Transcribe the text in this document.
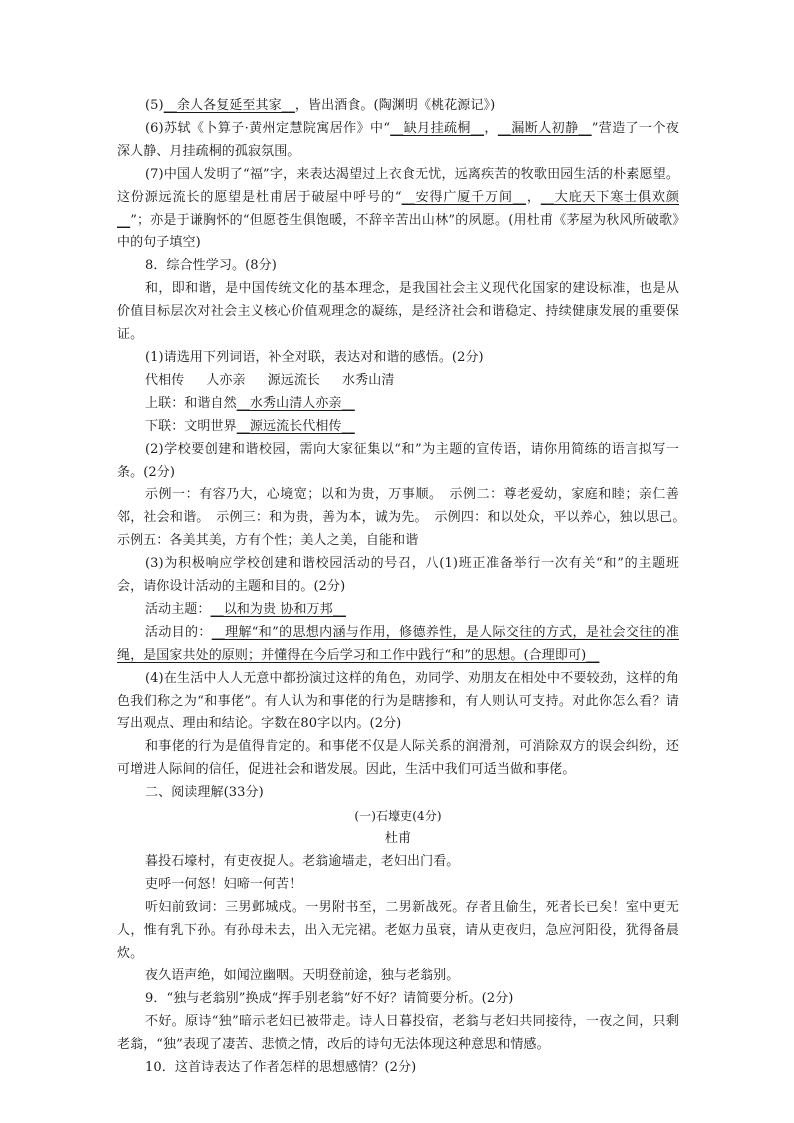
(5)__余人各复延至其家__，皆出酒食。(陶渊明《桃花源记》)

(6)苏轼《卜算子·黄州定慧院寓居作》中“__缺月挂疏桐__，__漏断人初静__”营造了一个夜深人静、月挂疏桐的孤寂氛围。

(7)中国人发明了“福”字，来表达渴望过上衣食无忧，远离疾苦的牧歌田园生活的朴素愿望。这份源远流长的愿望是杜甫居于破屋中呼号的“__安得广厦千万间__，__大庇天下寒士俱欢颜__”；亦是于谦胸怀的“但愿苍生俱饱暖，不辞辛苦出山林”的夙愿。(用杜甫《茅屋为秋风所破歌》中的句子填空)

8．综合性学习。(8分)

和，即和谐，是中国传统文化的基本理念，是我国社会主义现代化国家的建设标准，也是从价值目标层次对社会主义核心价值观理念的凝练，是经济社会和谐稳定、持续健康发展的重要保证。

(1)请选用下列词语，补全对联，表达对和谐的感悟。(2分)

代相传 人亦亲 源远流长 水秀山清

上联：和谐自然__水秀山清人亦亲__

下联：文明世界__源远流长代相传__

(2)学校要创建和谐校园，需向大家征集以“和”为主题的宣传语，请你用简练的语言拟写一条。(2分)

示例一：有容乃大，心境宽；以和为贵，万事顺。　示例二：尊老爱幼，家庭和睦；亲仁善邻，社会和谐。　示例三：和为贵，善为本，诚为先。　示例四：和以处众，平以养心，独以思己。　示例五：各美其美，方有个性；美人之美，自能和谐

(3)为积极响应学校创建和谐校园活动的号召，八(1)班正准备举行一次有关“和”的主题班会，请你设计活动的主题和目的。(2分)

活动主题：__以和为贵 协和万邦__

活动目的：__理解“和”的思想内涵与作用，修德养性，是人际交往的方式，是社会交往的准绳，是国家共处的原则；并懂得在今后学习和工作中践行“和”的思想。(合理即可)__

(4)在生活中人人无意中都扮演过这样的角色，劝同学、劝朋友在相处中不要较劲，这样的角色我们称之为“和事佬”。有人认为和事佬的行为是瞎掺和，有人则认可支持。对此你怎么看？请写出观点、理由和结论。字数在80字以内。(2分)

和事佬的行为是值得肯定的。和事佬不仅是人际关系的润滑剂，可消除双方的误会纠纷，还可增进人际间的信任，促进社会和谐发展。因此，生活中我们可适当做和事佬。

二、阅读理解(33分)

(一)石壕吏(4分)

杜甫

暮投石壕村，有吏夜捉人。老翁逾墙走，老妇出门看。

吏呼一何怒！妇啼一何苦！

听妇前致词：三男邺城戍。一男附书至，二男新战死。存者且偷生，死者长已矣！室中更无人，惟有乳下孙。有孙母未去，出入无完裙。老妪力虽衰，请从吏夜归，急应河阳役，犹得备晨炊。

夜久语声绝，如闻泣幽咽。天明登前途，独与老翁别。

9．“独与老翁别”换成“挥手别老翁”好不好？请简要分析。(2分)

不好。原诗“独”暗示老妇已被带走。诗人日暮投宿，老翁与老妇共同接待，一夜之间，只剩老翁，“独”表现了凄苦、悲愤之情，改后的诗句无法体现这种意思和情感。

10．这首诗表达了作者怎样的思想感情？(2分)
